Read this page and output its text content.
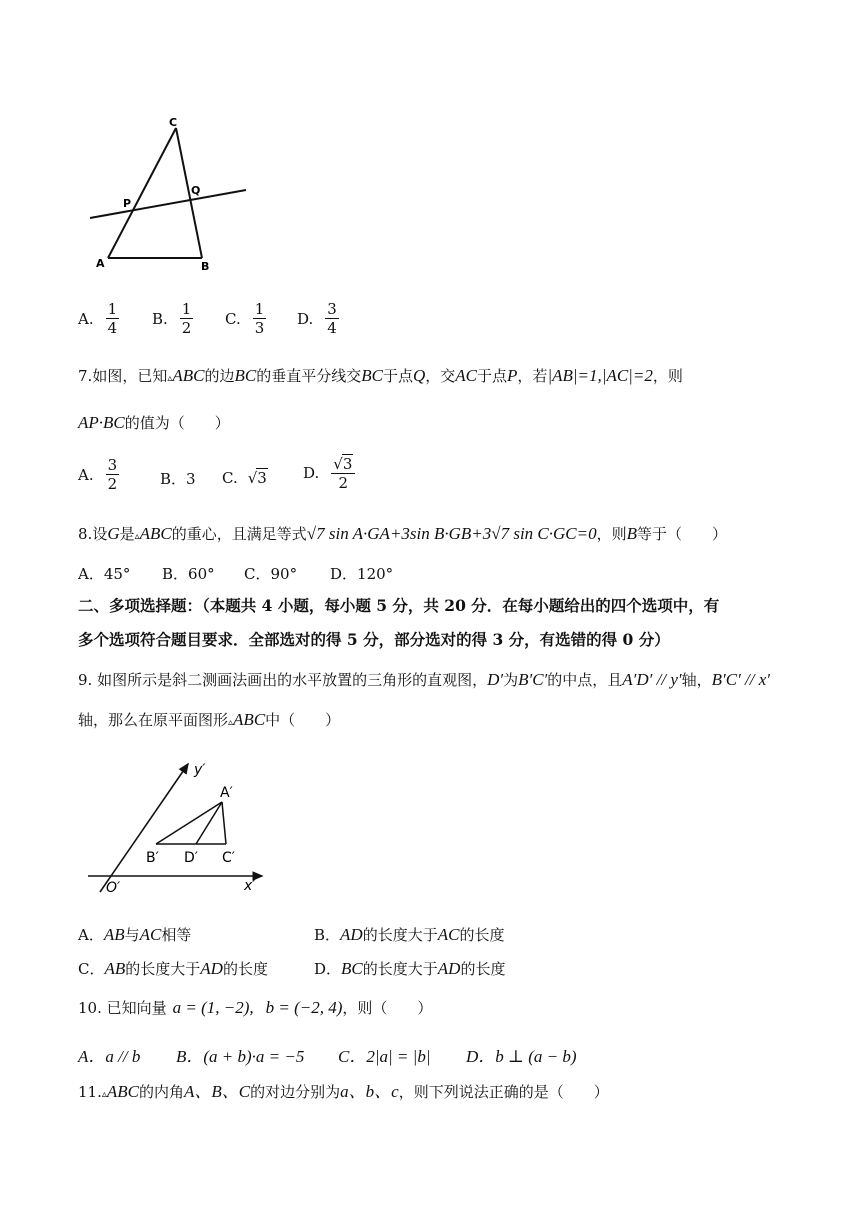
C
P
Q
A	B
A. $\frac{1}{4} B$. $\frac{1}{2} C$. $\frac{1}{3} D$. $\frac{3}{4}$
7.如图，已知▵ABC的边BC的垂直平分线交BC于点Q，交AC于点P，若|AB|=1,|AC|=2，则
AP·BC的值为（　　）
A. $\frac{3}{2}$	B．3 C. √ 3 D. $\frac{√3}{2}$
8.设G是▵ABC的重心，且满足等式√7 sin A·GA+3sin B·GB+3√7 sin C·GC=0，则B等于（　　）
A．45° B．60° C．90° D．120°
二、多项选择题：（本题共 4 小题，每小题 5 分，共 20 分．在每小题给出的四个选项中，有
多个选项符合题目要求．全部选对的得 5 分，部分选对的得 3 分，有选错的得 0 分）
9. 如图所示是斜二测画法画出的水平放置的三角形的直观图，D′为B′C′的中点，且A′D′ // y′轴，B′C′ // x′
轴，那么在原平面图形▵ABC中（　　）
y′
A′
B′ D′ C′
O′	x′
A． AB 与 AC 相等	B． AD 的长度大于 AC 的长度
C． AB 的长度大于 AD 的长度	D． BC 的长度大于 AD 的长度
10. 已知向量 a = (1, −2), b = (−2, 4)，则（　　）
A．a // b B．(a + b)·a = −5 C．2|a| = |b| D．b ⊥ (a − b)
11.▵ABC的内角A、B、C的对边分别为a、b、c，则下列说法正确的是（　　）
